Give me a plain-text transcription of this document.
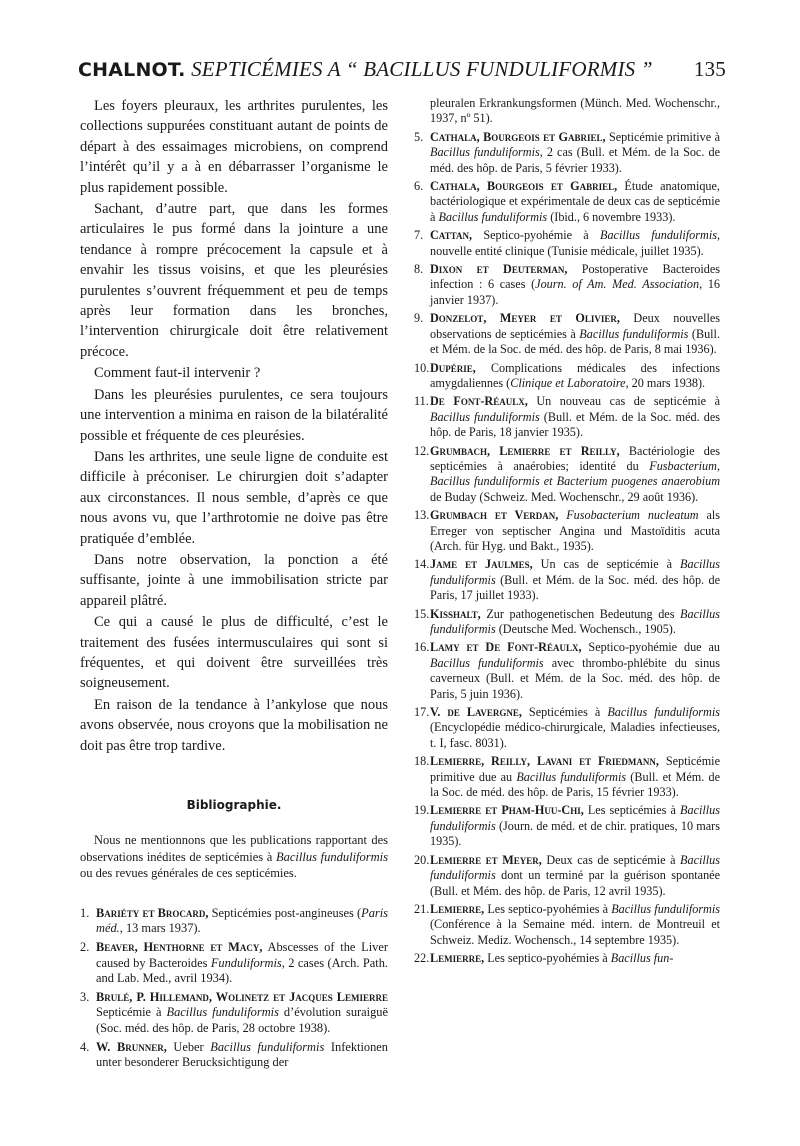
CHALNOT. SEPTICÉMIES A “ BACILLUS FUNDULIFORMIS ” 135

Les foyers pleuraux, les arthrites purulentes, les collections suppurées constituant autant de points de départ à des essaimages microbiens, on comprend l’intérêt qu’il y a à en débarrasser l’organisme le plus rapidement possible.

Sachant, d’autre part, que dans les formes articulaires le pus formé dans la jointure a une tendance à rompre précocement la capsule et à envahir les tissus voisins, et que les pleurésies purulentes s’ouvrent fréquemment et peu de temps après leur formation dans les bronches, l’intervention chirurgicale doit être relativement précoce.

Comment faut-il intervenir ?

Dans les pleurésies purulentes, ce sera toujours une intervention a minima en raison de la bilatéralité possible et fréquente de ces pleurésies.

Dans les arthrites, une seule ligne de conduite est difficile à préconiser. Le chirurgien doit s’adapter aux circonstances. Il nous semble, d’après ce que nous avons vu, que l’arthrotomie ne doive pas être pratiquée d’emblée.

Dans notre observation, la ponction a été suffisante, jointe à une immobilisation stricte par appareil plâtré.

Ce qui a causé le plus de difficulté, c’est le traitement des fusées intermusculaires qui sont si fréquentes, et qui doivent être surveillées très soigneusement.

En raison de la tendance à l’ankylose que nous avons observée, nous croyons que la mobilisation ne doit pas être trop tardive.

Bibliographie.

Nous ne mentionnons que les publications rapportant des observations inédites de septicémies à Bacillus funduliformis ou des revues générales de ces septicémies.

1. Bariéty et Brocard, Septicémies post-angineuses (Paris méd., 13 mars 1937).

2. Beaver, Henthorne et Macy, Abscesses of the Liver caused by Bacteroides Funduliformis, 2 cases (Arch. Path. and Lab. Med., avril 1934).

3. Brulé, P. Hillemand, Wolinetz et Jacques Lemierre Septicémie à Bacillus funduliformis d’évolution suraiguë (Soc. méd. des hôp. de Paris, 28 octobre 1938).

4. W. Brunner, Ueber Bacillus funduliformis Infektionen unter besonderer Berucksichtigung der

pleuralen Erkrankungsformen (Münch. Med. Wochenschr., 1937, nº 51).

5. Cathala, Bourgeois et Gabriel, Septicémie primitive à Bacillus funduliformis, 2 cas (Bull. et Mém. de la Soc. de méd. des hôp. de Paris, 5 février 1933).

6. Cathala, Bourgeois et Gabriel, Étude anatomique, bactériologique et expérimentale de deux cas de septicémie à Bacillus funduliformis (Ibid., 6 novembre 1933).

7. Cattan, Septico-pyohémie à Bacillus funduliformis, nouvelle entité clinique (Tunisie médicale, juillet 1935).

8. Dixon et Deuterman, Postoperative Bacteroides infection : 6 cases (Journ. of Am. Med. Association, 16 janvier 1937).

9. Donzelot, Meyer et Olivier, Deux nouvelles observations de septicémies à Bacillus funduliformis (Bull. et Mém. de la Soc. de méd. des hôp. de Paris, 8 mai 1936).

10.Dupérie, Complications médicales des infections amygdaliennes (Clinique et Laboratoire, 20 mars 1938).

11.De Font-Réaulx, Un nouveau cas de septicémie à Bacillus funduliformis (Bull. et Mém. de la Soc. méd. des hôp. de Paris, 18 janvier 1935).

12.Grumbach, Lemierre et Reilly, Bactériologie des septicémies à anaérobies; identité du Fusbacterium, Bacillus funduliformis et Bacterium puogenes anaerobium de Buday (Schweiz. Med. Wochenschr., 29 août 1936).

13.Grumbach et Verdan, Fusobacterium nucleatum als Erreger von septischer Angina und Mastoïditis acuta (Arch. für Hyg. und Bakt., 1935).

14.Jame et Jaulmes, Un cas de septicémie à Bacillus funduliformis (Bull. et Mém. de la Soc. méd. des hôp. de Paris, 17 juillet 1933).

15.Kisshalt, Zur pathogenetischen Bedeutung des Bacillus funduliformis (Deutsche Med. Wochensch., 1905).

16.Lamy et De Font-Réaulx, Septico-pyohémie due au Bacillus funduliformis avec thrombo-phlébite du sinus caverneux (Bull. et Mém. de la Soc. méd. des hôp. de Paris, 5 juin 1936).

17.V. de Lavergne, Septicémies à Bacillus funduliformis (Encyclopédie médico-chirurgicale, Maladies infectieuses, t. I, fasc. 8031).

18.Lemierre, Reilly, Lavani et Friedmann, Septicémie primitive due au Bacillus funduliformis (Bull. et Mém. de la Soc. de méd. des hôp. de Paris, 15 février 1933).

19.Lemierre et Pham-Huu-Chi, Les septicémies à Bacillus funduliformis (Journ. de méd. et de chir. pratiques, 10 mars 1935).

20.Lemierre et Meyer, Deux cas de septicémie à Bacillus funduliformis dont un terminé par la guérison spontanée (Bull. et Mém. des hôp. de Paris, 12 avril 1935).

21.Lemierre, Les septico-pyohémies à Bacillus funduliformis (Conférence à la Semaine méd. intern. de Montreuil et Schweiz. Mediz. Wochensch., 14 septembre 1935).

22.Lemierre, Les septico-pyohémies à Bacillus fun-
